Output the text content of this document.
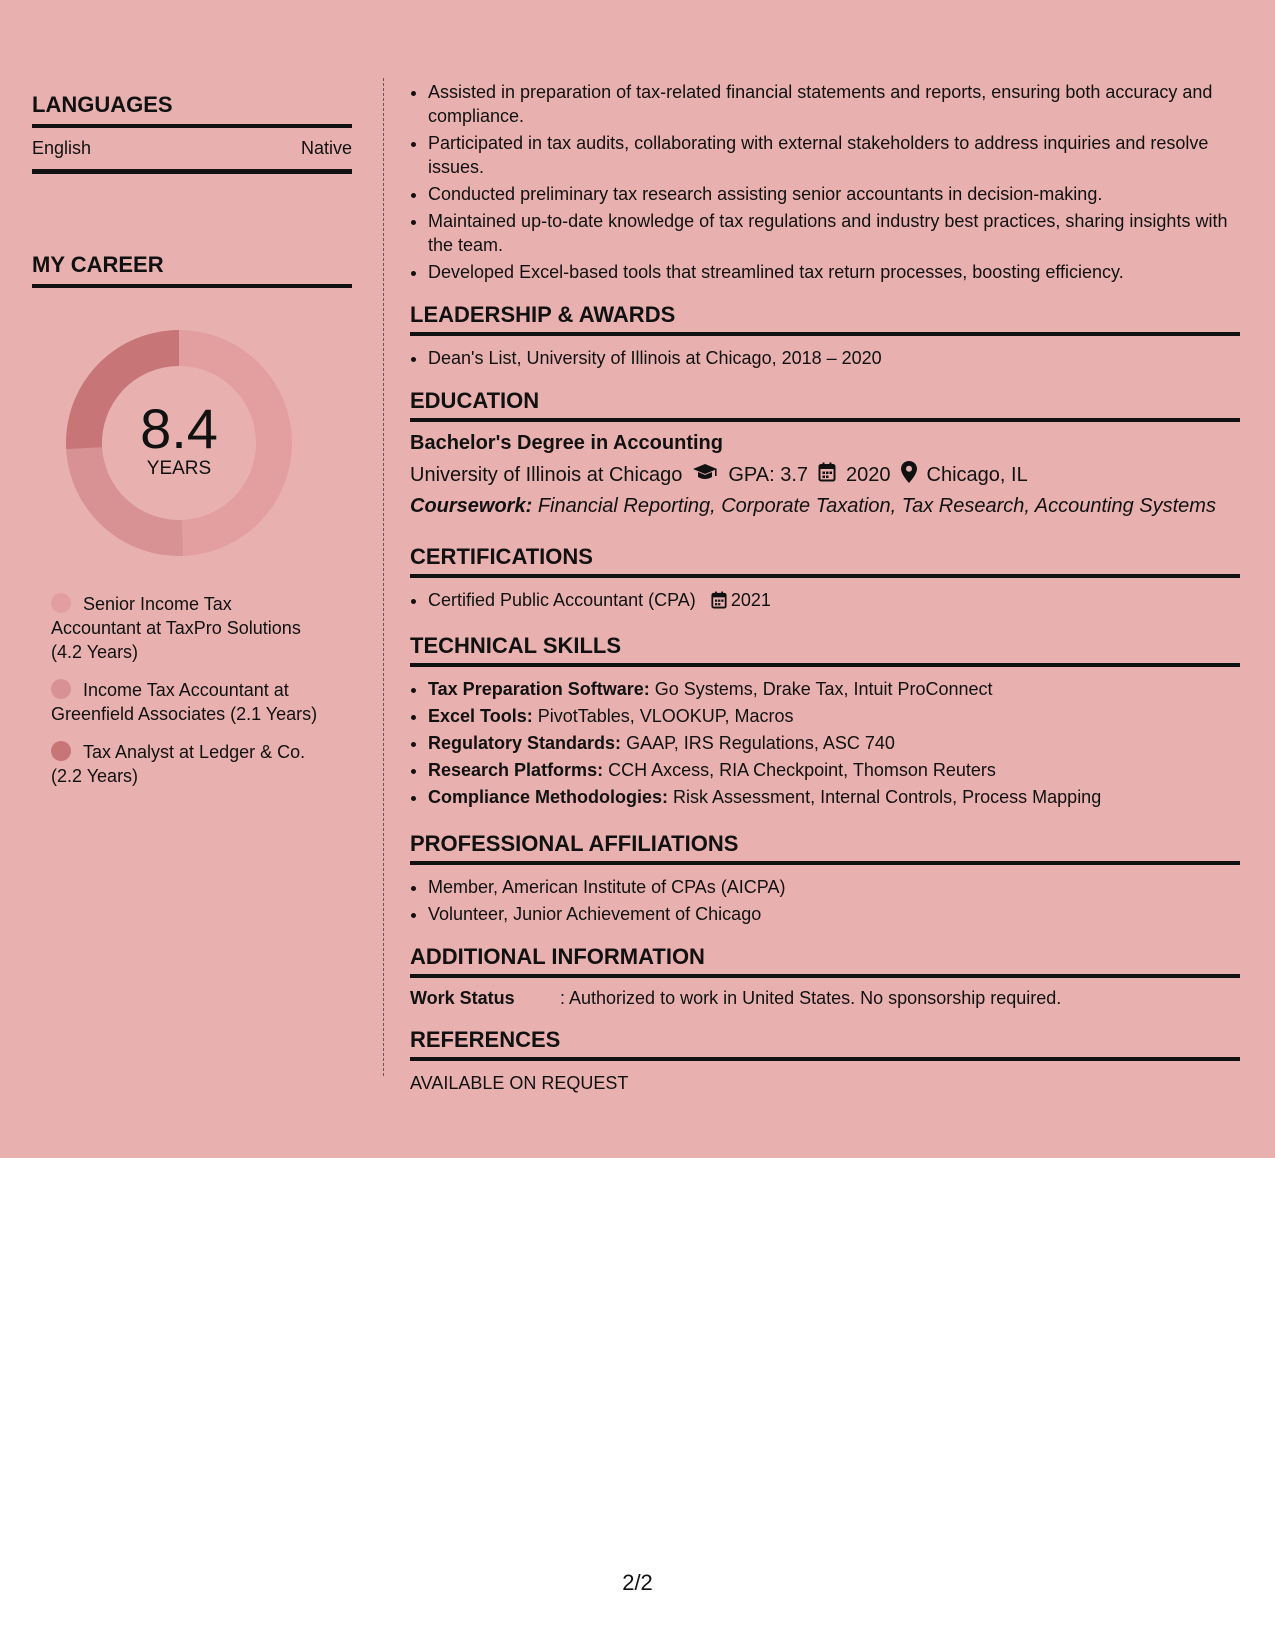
LANGUAGES
English	Native
MY CAREER
8.4
YEARS
Senior Income Tax Accountant at TaxPro Solutions (4.2 Years)
Income Tax Accountant at Greenfield Associates (2.1 Years)
Tax Analyst at Ledger & Co. (2.2 Years)
• Assisted in preparation of tax-related financial statements and reports, ensuring both accuracy and compliance.
• Participated in tax audits, collaborating with external stakeholders to address inquiries and resolve issues.
• Conducted preliminary tax research assisting senior accountants in decision-making.
• Maintained up-to-date knowledge of tax regulations and industry best practices, sharing insights with the team.
• Developed Excel-based tools that streamlined tax return processes, boosting efficiency.
LEADERSHIP & AWARDS
• Dean's List, University of Illinois at Chicago, 2018 – 2020
EDUCATION
Bachelor's Degree in Accounting
University of Illinois at Chicago GPA: 3.7 2020 Chicago, IL
Coursework: Financial Reporting, Corporate Taxation, Tax Research, Accounting Systems
CERTIFICATIONS
• Certified Public Accountant (CPA) 2021
TECHNICAL SKILLS
• Tax Preparation Software: Go Systems, Drake Tax, Intuit ProConnect
• Excel Tools: PivotTables, VLOOKUP, Macros
• Regulatory Standards: GAAP, IRS Regulations, ASC 740
• Research Platforms: CCH Axcess, RIA Checkpoint, Thomson Reuters
• Compliance Methodologies: Risk Assessment, Internal Controls, Process Mapping
PROFESSIONAL AFFILIATIONS
• Member, American Institute of CPAs (AICPA)
• Volunteer, Junior Achievement of Chicago
ADDITIONAL INFORMATION
Work Status	: Authorized to work in United States. No sponsorship required.
REFERENCES
AVAILABLE ON REQUEST
2/2
